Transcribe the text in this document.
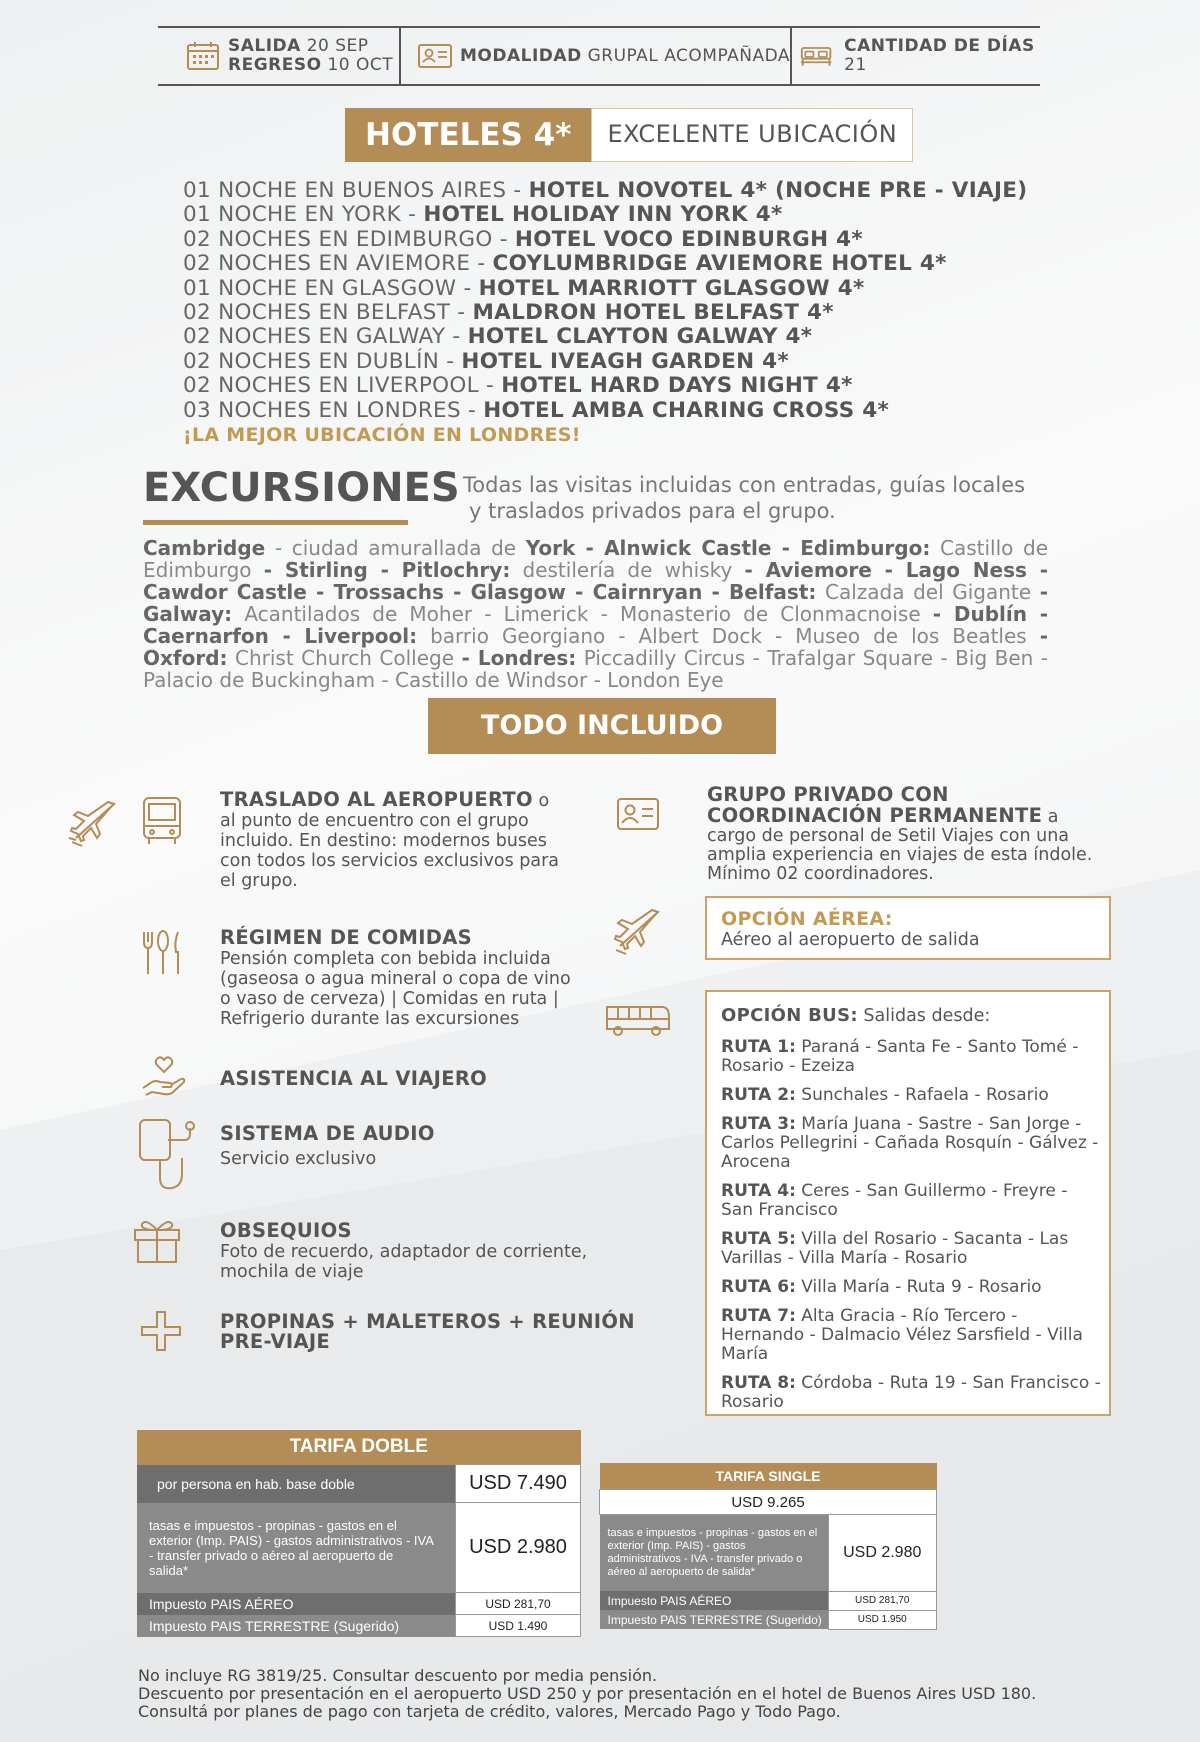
SALIDA 20 SEP
REGRESO 10 OCT	MODALIDAD GRUPAL ACOMPAÑADA	CANTIDAD DE DÍAS 21
HOTELES 4*	EXCELENTE UBICACIÓN
01 NOCHE EN BUENOS AIRES - HOTEL NOVOTEL 4* (NOCHE PRE - VIAJE)
01 NOCHE EN YORK - HOTEL HOLIDAY INN YORK 4*
02 NOCHES EN EDIMBURGO - HOTEL VOCO EDINBURGH 4*
02 NOCHES EN AVIEMORE - COYLUMBRIDGE AVIEMORE HOTEL 4*
01 NOCHE EN GLASGOW - HOTEL MARRIOTT GLASGOW 4*
02 NOCHES EN BELFAST - MALDRON HOTEL BELFAST 4*
02 NOCHES EN GALWAY - HOTEL CLAYTON GALWAY 4*
02 NOCHES EN DUBLÍN - HOTEL IVEAGH GARDEN 4*
02 NOCHES EN LIVERPOOL - HOTEL HARD DAYS NIGHT 4*
03 NOCHES EN LONDRES - HOTEL AMBA CHARING CROSS 4*
¡LA MEJOR UBICACIÓN EN LONDRES!
EXCURSIONES Todas las visitas incluidas con entradas, guías locales
y traslados privados para el grupo.
Cambridge - ciudad amurallada de York - Alnwick Castle - Edimburgo: Castillo de Edimburgo - Stirling - Pitlochry: destilería de whisky - Aviemore - Lago Ness - Cawdor Castle - Trossachs - Glasgow - Cairnryan - Belfast: Calzada del Gigante - Galway: Acantilados de Moher - Limerick - Monasterio de Clonmacnoise - Dublín - Caernarfon - Liverpool: barrio Georgiano - Albert Dock - Museo de los Beatles - Oxford: Christ Church College - Londres: Piccadilly Circus - Trafalgar Square - Big Ben - Palacio de Buckingham - Castillo de Windsor - London Eye
TODO INCLUIDO
TRASLADO AL AEROPUERTO o al punto de encuentro con el grupo incluido. En destino: modernos buses con todos los servicios exclusivos para el grupo.
RÉGIMEN DE COMIDAS
Pensión completa con bebida incluida (gaseosa o agua mineral o copa de vino o vaso de cerveza) | Comidas en ruta | Refrigerio durante las excursiones
ASISTENCIA AL VIAJERO
SISTEMA DE AUDIO
Servicio exclusivo
OBSEQUIOS
Foto de recuerdo, adaptador de corriente, mochila de viaje
PROPINAS + MALETEROS + REUNIÓN
PRE-VIAJE
GRUPO PRIVADO CON COORDINACIÓN PERMANENTE a cargo de personal de Setil Viajes con una amplia experiencia en viajes de esta índole. Mínimo 02 coordinadores.
OPCIÓN AÉREA:
Aéreo al aeropuerto de salida
OPCIÓN BUS: Salidas desde:
RUTA 1: Paraná - Santa Fe - Santo Tomé - Rosario - Ezeiza
RUTA 2: Sunchales - Rafaela - Rosario
RUTA 3: María Juana - Sastre - San Jorge - Carlos Pellegrini - Cañada Rosquín - Gálvez - Arocena
RUTA 4: Ceres - San Guillermo - Freyre - San Francisco
RUTA 5: Villa del Rosario - Sacanta - Las Varillas - Villa María - Rosario
RUTA 6: Villa María - Ruta 9 - Rosario
RUTA 7: Alta Gracia - Río Tercero - Hernando - Dalmacio Vélez Sarsfield - Villa María
RUTA 8: Córdoba - Ruta 19 - San Francisco - Rosario
TARIFA DOBLE	
por persona en hab. base doble	USD 7.490
tasas e impuestos - propinas - gastos en el exterior (Imp. PAIS) - gastos administrativos - IVA - transfer privado o aéreo al aeropuerto de salida*	USD 2.980
Impuesto PAIS AÉREO	USD 281,70
Impuesto PAIS TERRESTRE (Sugerido)	USD 1.490
TARIFA SINGLE	
USD 9.265	
tasas e impuestos - propinas - gastos en el exterior (Imp. PAIS) - gastos administrativos - IVA - transfer privado o aéreo al aeropuerto de salida*	USD 2.980
Impuesto PAIS AÉREO	USD 281,70
Impuesto PAIS TERRESTRE (Sugerido)	USD 1.950
No incluye RG 3819/25. Consultar descuento por media pensión.
Descuento por presentación en el aeropuerto USD 250 y por presentación en el hotel de Buenos Aires USD 180.
Consultá por planes de pago con tarjeta de crédito, valores, Mercado Pago y Todo Pago.
